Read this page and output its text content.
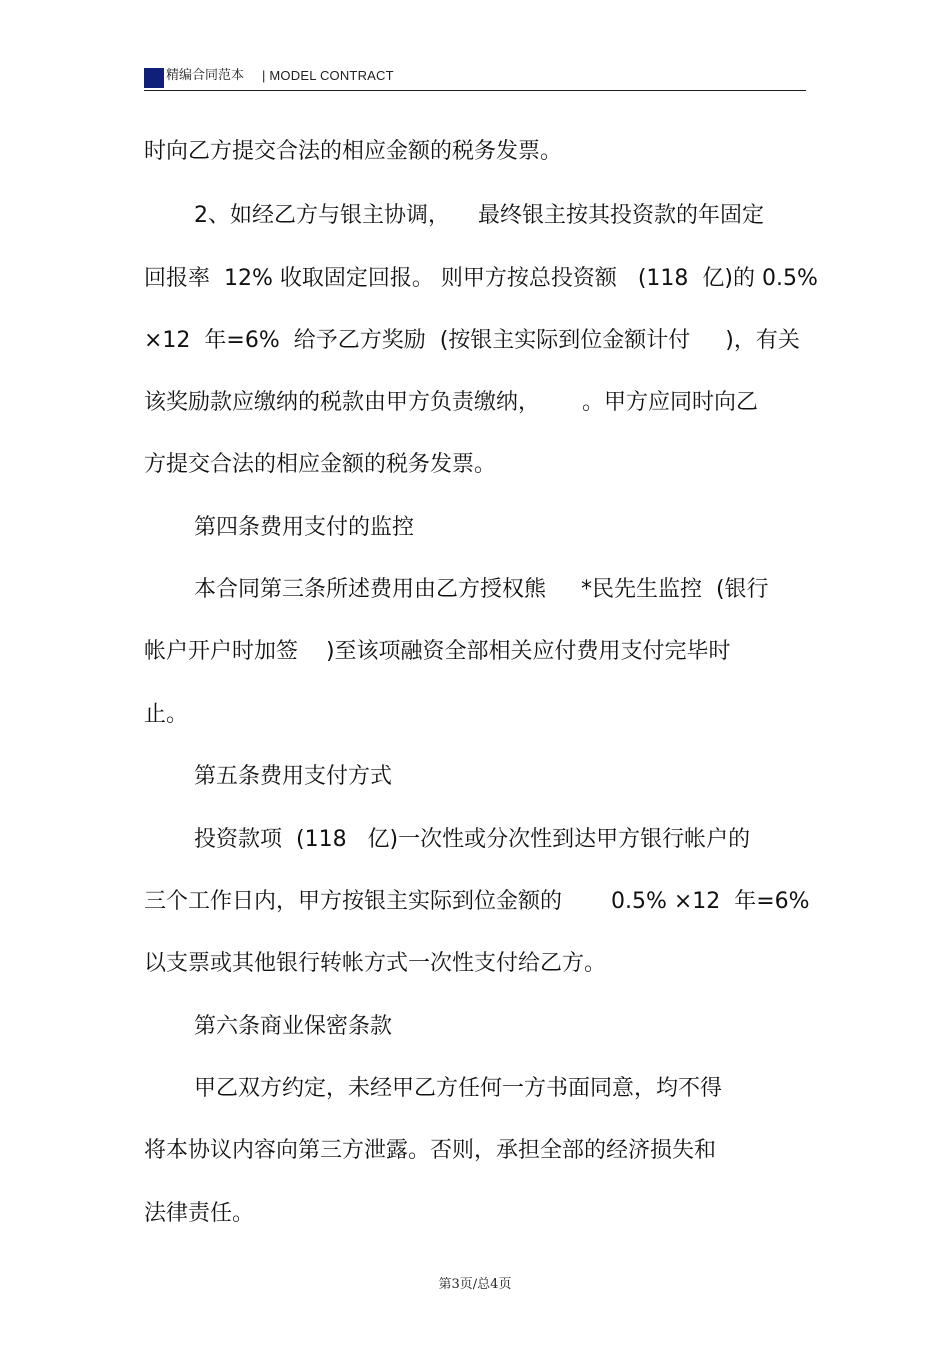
精编合同范本 | MODEL CONTRACT
时向乙方提交合法的相应金额的税务发票。
2、如经乙方与银主协调，    最终银主按其投资款的年固定
回报率  12% 收取固定回报。 则甲方按总投资额   (118  亿)的 0.5%
×12  年=6%  给予乙方奖励  (按银主实际到位金额计付     )，有关
该奖励款应缴纳的税款由甲方负责缴纳，      。甲方应同时向乙
方提交合法的相应金额的税务发票。
第四条费用支付的监控
本合同第三条所述费用由乙方授权熊     *民先生监控  (银行
帐户开户时加签    )至该项融资全部相关应付费用支付完毕时
止。
第五条费用支付方式
投资款项  (118   亿)一次性或分次性到达甲方银行帐户的
三个工作日内，甲方按银主实际到位金额的       0.5% ×12  年=6%
以支票或其他银行转帐方式一次性支付给乙方。
第六条商业保密条款
甲乙双方约定，未经甲乙方任何一方书面同意，均不得
将本协议内容向第三方泄露。否则，承担全部的经济损失和
法律责任。
第3页/总4页
